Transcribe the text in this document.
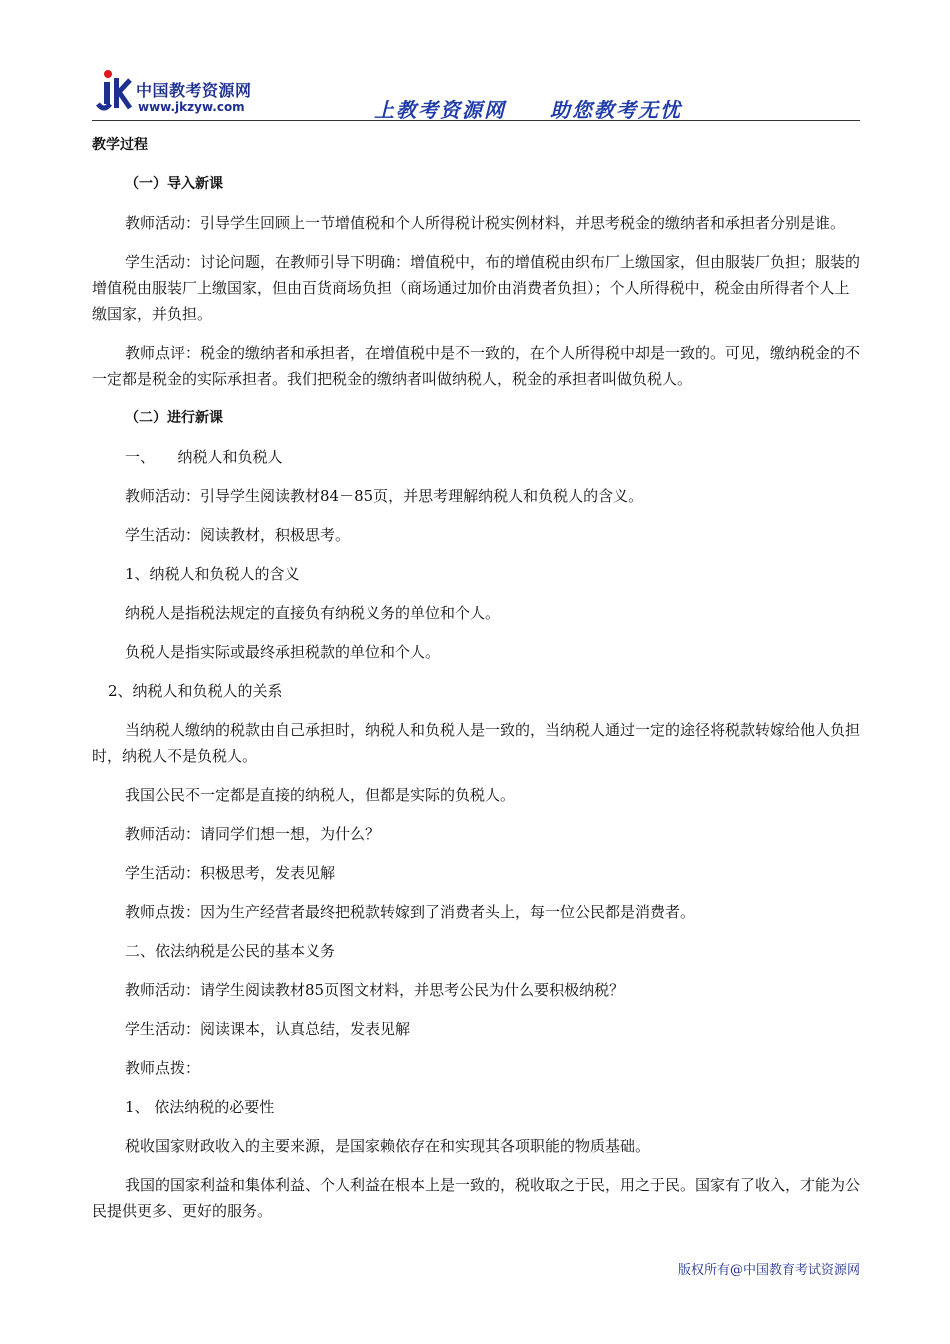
中国教考资源网
www.jkzyw.com	上教考资源网　　助您教考无忧

教学过程

（一）导入新课

教师活动：引导学生回顾上一节增值税和个人所得税计税实例材料，并思考税金的缴纳者和承担者分别是谁。

学生活动：讨论问题，在教师引导下明确：增值税中，布的增值税由织布厂上缴国家，但由服装厂负担；服装的增值税由服装厂上缴国家，但由百货商场负担（商场通过加价由消费者负担）；个人所得税中，税金由所得者个人上缴国家，并负担。

教师点评：税金的缴纳者和承担者，在增值税中是不一致的，在个人所得税中却是一致的。可见，缴纳税金的不一定都是税金的实际承担者。我们把税金的缴纳者叫做纳税人，税金的承担者叫做负税人。

（二）进行新课

一、　　纳税人和负税人

教师活动：引导学生阅读教材84－85页，并思考理解纳税人和负税人的含义。

学生活动：阅读教材，积极思考。

1、纳税人和负税人的含义

纳税人是指税法规定的直接负有纳税义务的单位和个人。

负税人是指实际或最终承担税款的单位和个人。

2、纳税人和负税人的关系

当纳税人缴纳的税款由自己承担时，纳税人和负税人是一致的，当纳税人通过一定的途径将税款转嫁给他人负担时，纳税人不是负税人。

我国公民不一定都是直接的纳税人，但都是实际的负税人。

教师活动：请同学们想一想，为什么？

学生活动：积极思考，发表见解

教师点拨：因为生产经营者最终把税款转嫁到了消费者头上，每一位公民都是消费者。

二、依法纳税是公民的基本义务

教师活动：请学生阅读教材85页图文材料，并思考公民为什么要积极纳税？

学生活动：阅读课本，认真总结，发表见解

教师点拨：

1、 依法纳税的必要性

税收国家财政收入的主要来源，是国家赖依存在和实现其各项职能的物质基础。

我国的国家利益和集体利益、个人利益在根本上是一致的，税收取之于民，用之于民。国家有了收入，才能为公民提供更多、更好的服务。

版权所有@中国教育考试资源网
